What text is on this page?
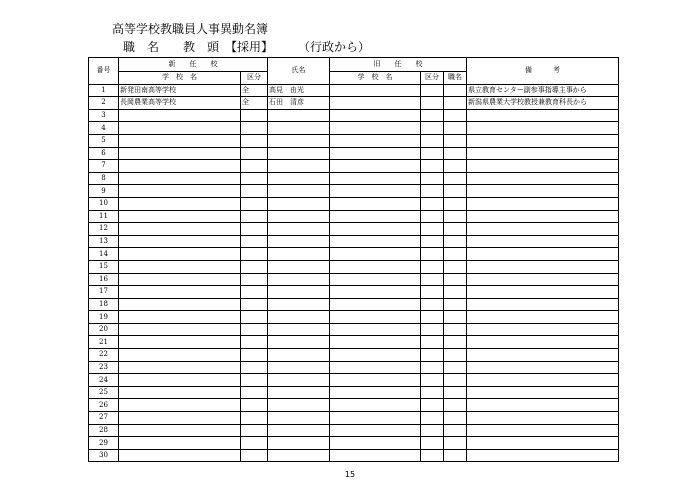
高等学校教職員人事異動名簿
職　名　　教　頭 【採用】 （行政から）
番号	新　　任　　校		氏名	旧　　任　　校			備　　　考
	学　校　名	区分		学　校　名	区分	職名	
1	新発田南高等学校	全	高見　由光				県立教育センター副参事指導主事から
2	長岡農業高等学校	全	石田　清彦				新潟県農業大学校教授兼教育科長から
3							
4							
5							
6							
7							
8							
9							
10							
11							
12							
13							
14							
15							
16							
17							
18							
19							
20							
21							
22							
23							
24							
25							
26							
27							
28							
29							
30							
15
